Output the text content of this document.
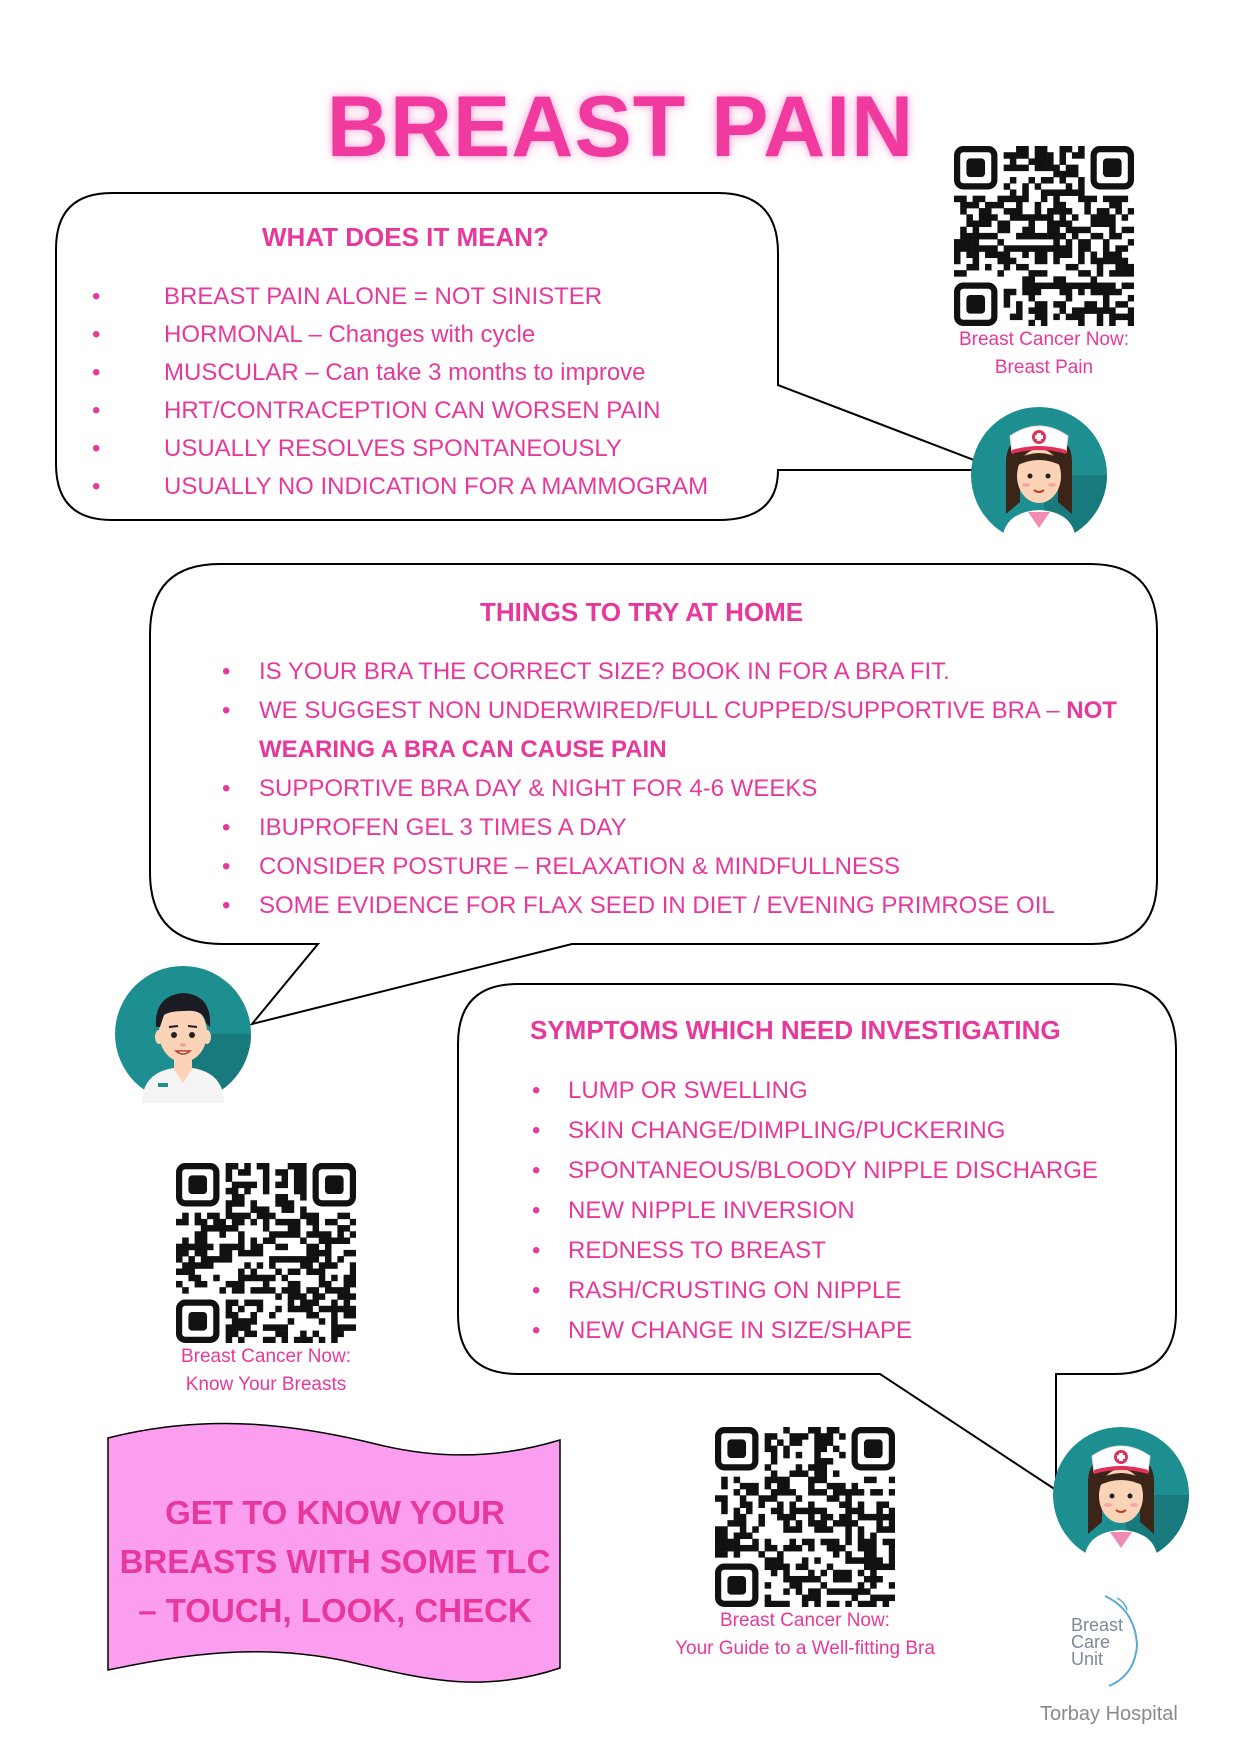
BREAST PAIN
WHAT DOES IT MEAN?
•	BREAST PAIN ALONE = NOT SINISTER
•	HORMONAL – Changes with cycle
•	MUSCULAR – Can take 3 months to improve
•	HRT/CONTRACEPTION CAN WORSEN PAIN
•	USUALLY RESOLVES SPONTANEOUSLY
•	USUALLY NO INDICATION FOR A MAMMOGRAM
THINGS TO TRY AT HOME
• IS YOUR BRA THE CORRECT SIZE? BOOK IN FOR A BRA FIT.
• WE SUGGEST NON UNDERWIRED/FULL CUPPED/SUPPORTIVE BRA – NOT
WEARING A BRA CAN CAUSE PAIN
• SUPPORTIVE BRA DAY & NIGHT FOR 4-6 WEEKS
• IBUPROFEN GEL 3 TIMES A DAY
• CONSIDER POSTURE – RELAXATION & MINDFULLNESS
• SOME EVIDENCE FOR FLAX SEED IN DIET / EVENING PRIMROSE OIL
SYMPTOMS WHICH NEED INVESTIGATING
• LUMP OR SWELLING
• SKIN CHANGE/DIMPLING/PUCKERING
• SPONTANEOUS/BLOODY NIPPLE DISCHARGE
• NEW NIPPLE INVERSION
• REDNESS TO BREAST
• RASH/CRUSTING ON NIPPLE
• NEW CHANGE IN SIZE/SHAPE
Breast Cancer Now:
Breast Pain
Breast Cancer Now:
Know Your Breasts
Breast Cancer Now:
Your Guide to a Well-fitting Bra
GET TO KNOW YOUR
BREASTS WITH SOME TLC
– TOUCH, LOOK, CHECK	Breast
Care
Unit
Torbay Hospital
